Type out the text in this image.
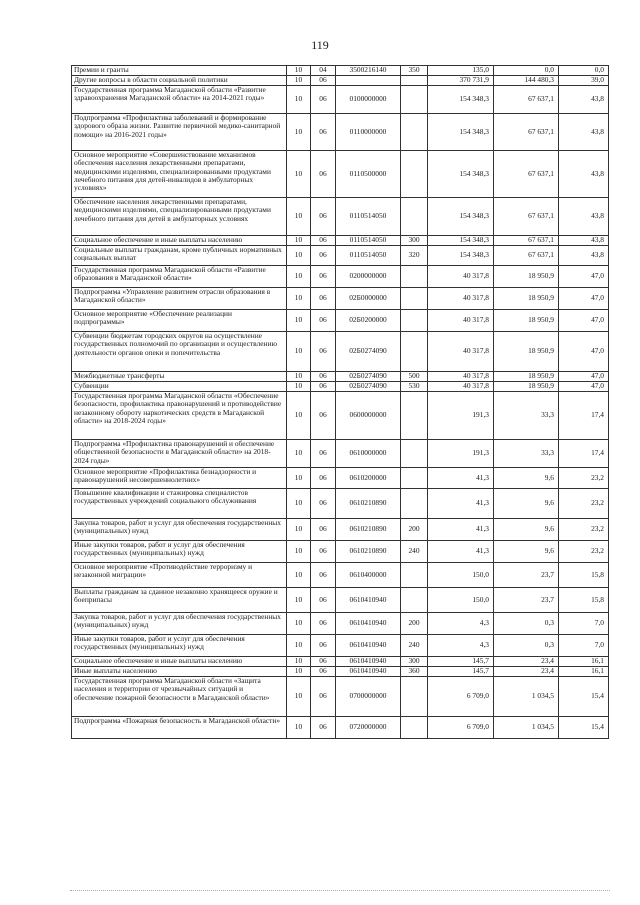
119
Премии и гранты	10	04	3500216140	350	135,0	0,0	0,0
Другие вопросы в области социальной политики	10	06			370 731,9	144 480,3	39,0
Государственная программа Магаданской области «Развитие здравоохранения Магаданской области» на 2014-2021 годы»	10	06	0100000000		154 348,3	67 637,1	43,8
Подпрограмма «Профилактика заболеваний и формирование здорового образа жизни. Развитие первичной медико-санитарной помощи» на 2016-2021 годы»	10	06	0110000000		154 348,3	67 637,1	43,8
Основное мероприятие «Совершенствование механизмов обеспечения населения лекарственными препаратами, медицинскими изделиями, специализированными продуктами лечебного питания для детей-инвалидов в амбулаторных условиях»	10	06	0110500000		154 348,3	67 637,1	43,8
Обеспечение населения лекарственными препаратами, медицинскими изделиями, специализированными продуктами лечебного питания для детей в амбулаторных условиях	10	06	0110514050		154 348,3	67 637,1	43,8
Социальное обеспечение и иные выплаты населению	10	06	0110514050	300	154 348,3	67 637,1	43,8
Социальные выплаты гражданам, кроме публичных нормативных социальных выплат	10	06	0110514050	320	154 348,3	67 637,1	43,8
Государственная программа Магаданской области «Развитие образования в Магаданской области»	10	06	0200000000		40 317,8	18 950,9	47,0
Подпрограмма «Управление развитием отрасли образования в Магаданской области»	10	06	02Б0000000		40 317,8	18 950,9	47,0
Основное мероприятие «Обеспечение реализации подпрограммы»	10	06	02Б0200000		40 317,8	18 950,9	47,0
Субвенции бюджетам городских округов на осуществление государственных полномочий по организации и осуществлению деятельности органов опеки и попечительства	10	06	02Б0274090		40 317,8	18 950,9	47,0
Межбюджетные трансферты	10	06	02Б0274090	500	40 317,8	18 950,9	47,0
Субвенции	10	06	02Б0274090	530	40 317,8	18 950,9	47,0
Государственная программа Магаданской области «Обеспечение безопасности, профилактика правонарушений и противодействие незаконному обороту наркотических средств в Магаданской области» на 2018-2024 годы»	10	06	0600000000		191,3	33,3	17,4
Подпрограмма «Профилактика правонарушений и обеспечение общественной безопасности в Магаданской области» на 2018-2024 годы»	10	06	0610000000		191,3	33,3	17,4
Основное мероприятие «Профилактика безнадзорности и правонарушений несовершеннолетних»	10	06	0610200000		41,3	9,6	23,2
Повышение квалификации и стажировка специалистов государственных учреждений социального обслуживания	10	06	0610210890		41,3	9,6	23,2
Закупка товаров, работ и услуг для обеспечения государственных (муниципальных) нужд	10	06	0610210890	200	41,3	9,6	23,2
Иные закупки товаров, работ и услуг для обеспечения государственных (муниципальных) нужд	10	06	0610210890	240	41,3	9,6	23,2
Основное мероприятие «Противодействие терроризму и незаконной миграции»	10	06	0610400000		150,0	23,7	15,8
Выплаты гражданам за сданное незаконно хранящееся оружие и боеприпасы	10	06	0610410940		150,0	23,7	15,8
Закупка товаров, работ и услуг для обеспечения государственных (муниципальных) нужд	10	06	0610410940	200	4,3	0,3	7,0
Иные закупки товаров, работ и услуг для обеспечения государственных (муниципальных) нужд	10	06	0610410940	240	4,3	0,3	7,0
Социальное обеспечение и иные выплаты населению	10	06	0610410940	300	145,7	23,4	16,1
Иные выплаты населению	10	06	0610410940	360	145,7	23,4	16,1
Государственная программа Магаданской области «Защита населения и территории от чрезвычайных ситуаций и обеспечение пожарной безопасности в Магаданской области»	10	06	0700000000		6 709,0	1 034,5	15,4
Подпрограмма «Пожарная безопасность в Магаданской области»	10	06	0720000000		6 709,0	1 034,5	15,4
